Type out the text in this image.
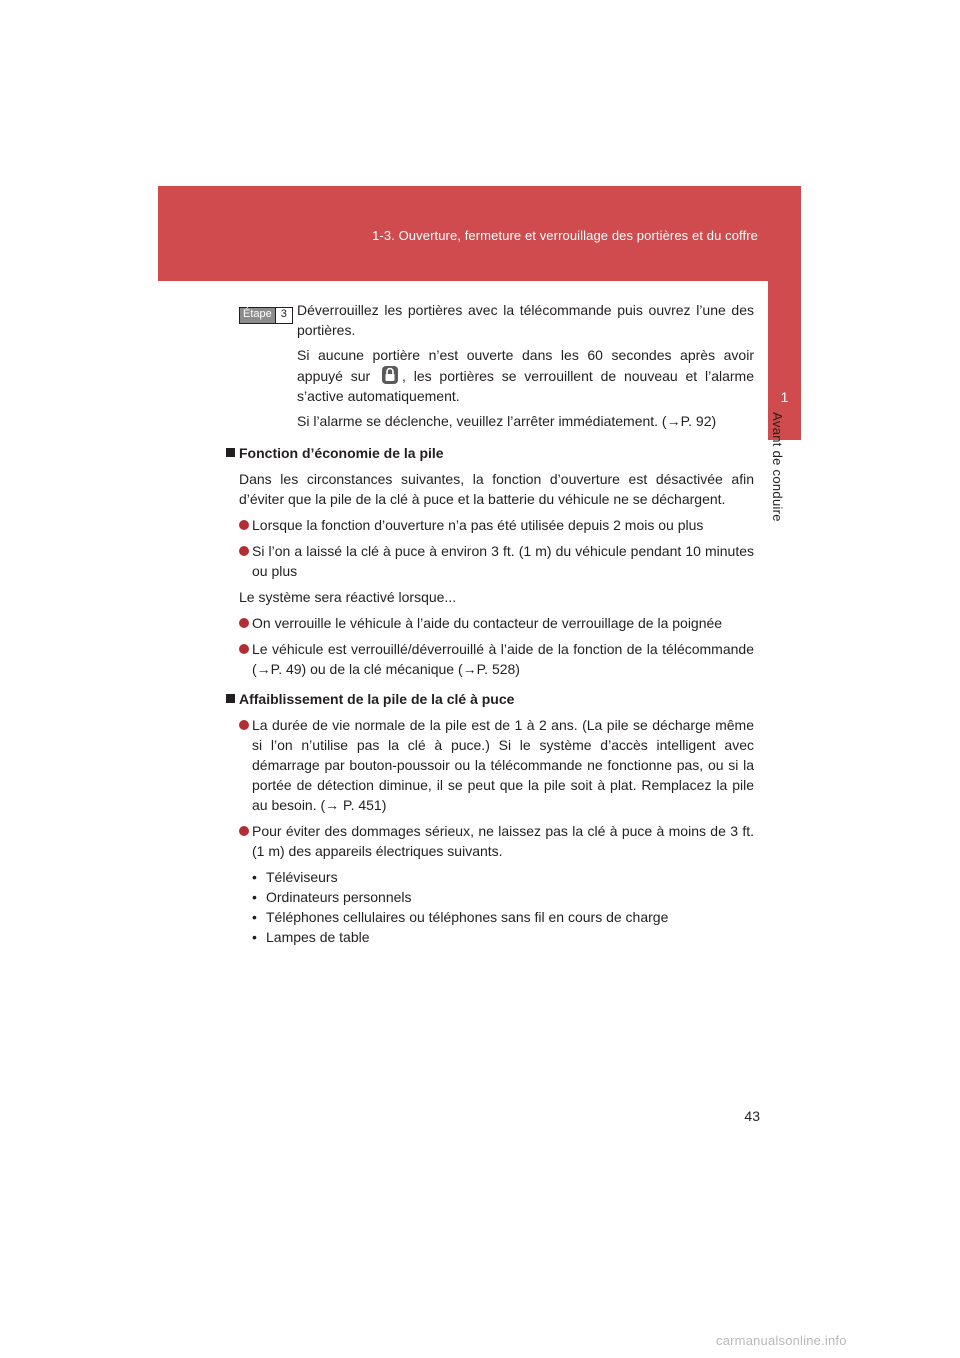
1-3. Ouverture, fermeture et verrouillage des portières et du coffre
1
Avant de conduire
Étape 3 Déverrouillez les portières avec la télécommande puis ouvrez l’une des portières.

Si aucune portière n’est ouverte dans les 60 secondes après avoir appuyé sur , les portières se verrouillent de nouveau et l’alarme s’active automatiquement.

Si l’alarme se déclenche, veuillez l’arrêter immédiatement. (→P. 92)

Fonction d’économie de la pile

Dans les circonstances suivantes, la fonction d’ouverture est désactivée afin d’éviter que la pile de la clé à puce et la batterie du véhicule ne se déchargent.

Lorsque la fonction d’ouverture n’a pas été utilisée depuis 2 mois ou plus
Si l’on a laissé la clé à puce à environ 3 ft. (1 m) du véhicule pendant 10 minutes ou plus

Le système sera réactivé lorsque...

On verrouille le véhicule à l’aide du contacteur de verrouillage de la poignée
Le véhicule est verrouillé/déverrouillé à l’aide de la fonction de la télécommande (→P. 49) ou de la clé mécanique (→P. 528)
Affaiblissement de la pile de la clé à puce
La durée de vie normale de la pile est de 1 à 2 ans. (La pile se décharge même si l’on n’utilise pas la clé à puce.) Si le système d’accès intelligent avec démarrage par bouton-poussoir ou la télécommande ne fonctionne pas, ou si la portée de détection diminue, il se peut que la pile soit à plat. Remplacez la pile au besoin. (→ P. 451)
Pour éviter des dommages sérieux, ne laissez pas la clé à puce à moins de 3 ft. (1 m) des appareils électriques suivants.
• Téléviseurs
• Ordinateurs personnels
• Téléphones cellulaires ou téléphones sans fil en cours de charge
• Lampes de table
43
carmanualsonline.info
